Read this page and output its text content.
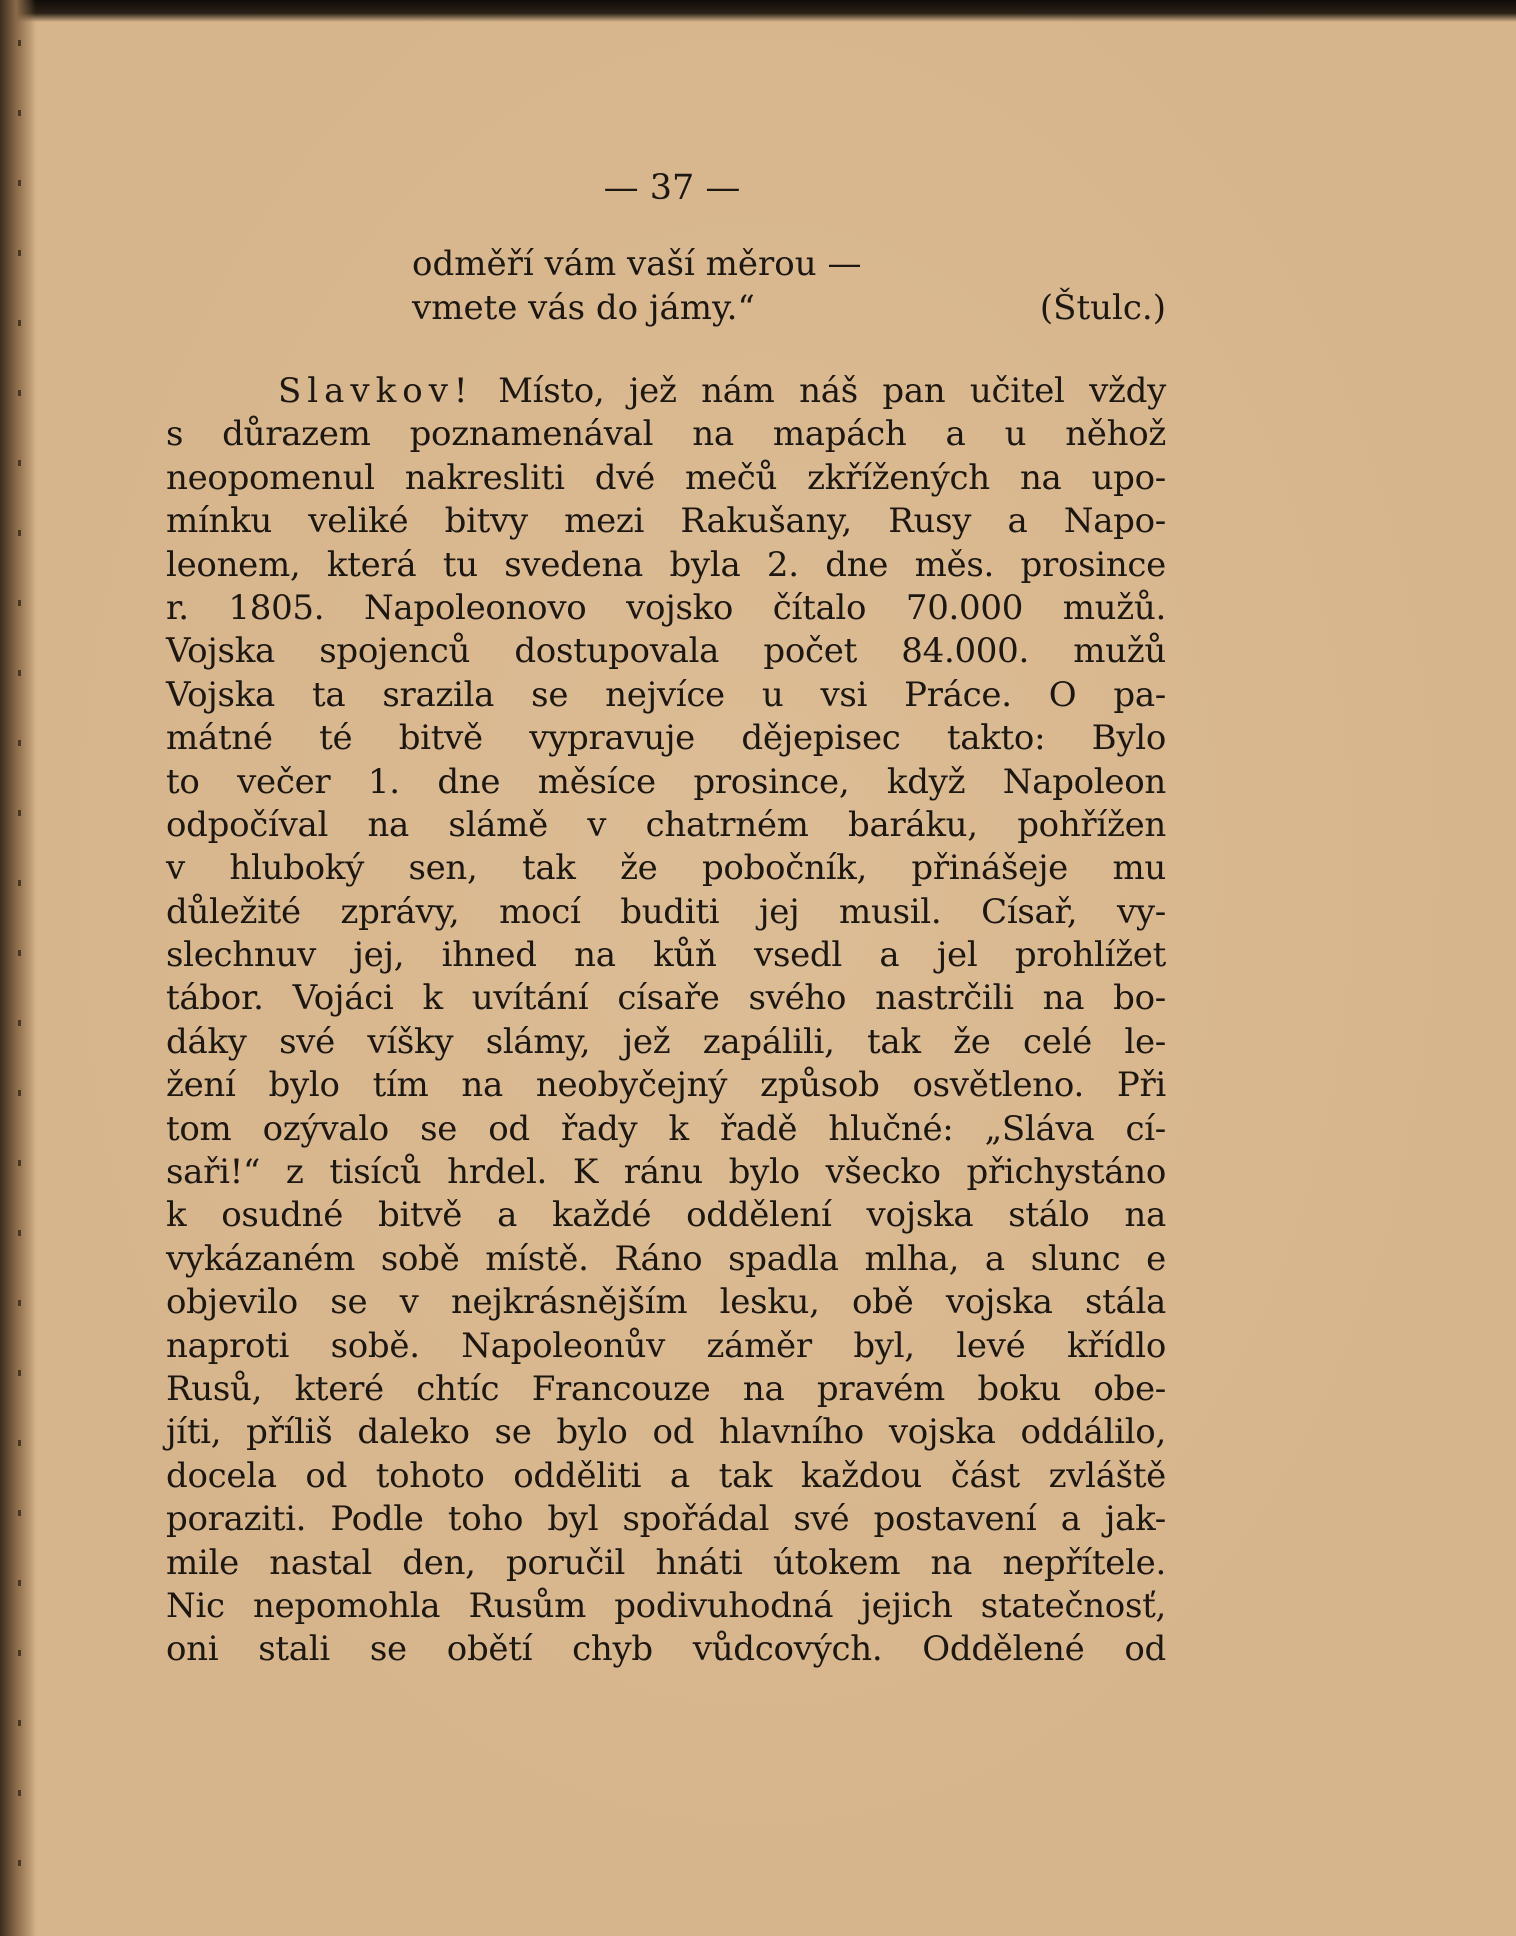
— 37 —
odměří vám vaší měrou —
vmete vás do jámy.“	(Štulc.)
Slavkov! Místo, jež nám náš pan učitel vždy
s důrazem poznamenával na mapách a u něhož
neopomenul nakresliti dvé mečů zkřížených na upo-
mínku veliké bitvy mezi Rakušany, Rusy a Napo-
leonem, která tu svedena byla 2. dne měs. prosince
r. 1805. Napoleonovo vojsko čítalo 70.000 mužů.
Vojska spojenců dostupovala počet 84.000. mužů
Vojska ta srazila se nejvíce u vsi Práce. O pa-
mátné té bitvě vypravuje dějepisec takto: Bylo
to večer 1. dne měsíce prosince, když Napoleon
odpočíval na slámě v chatrném baráku, pohřížen
v hluboký sen, tak že pobočník, přinášeje mu
důležité zprávy, mocí buditi jej musil. Císař, vy-
slechnuv jej, ihned na kůň vsedl a jel prohlížet
tábor. Vojáci k uvítání císaře svého nastrčili na bo-
dáky své víšky slámy, jež zapálili, tak že celé le-
žení bylo tím na neobyčejný způsob osvětleno. Při
tom ozývalo se od řady k řadě hlučné: „Sláva cí-
saři!“ z tisíců hrdel. K ránu bylo všecko přichystáno
k osudné bitvě a každé oddělení vojska stálo na
vykázaném sobě místě. Ráno spadla mlha, a slunc e
objevilo se v nejkrásnějším lesku, obě vojska stála
naproti sobě. Napoleonův záměr byl, levé křídlo
Rusů, které chtíc Francouze na pravém boku obe-
jíti, příliš daleko se bylo od hlavního vojska oddálilo,
docela od tohoto odděliti a tak každou část zvláště
poraziti. Podle toho byl spořádal své postavení a jak-
mile nastal den, poručil hnáti útokem na nepřítele.
Nic nepomohla Rusům podivuhodná jejich statečnosť,
oni stali se obětí chyb vůdcových. Oddělené od
